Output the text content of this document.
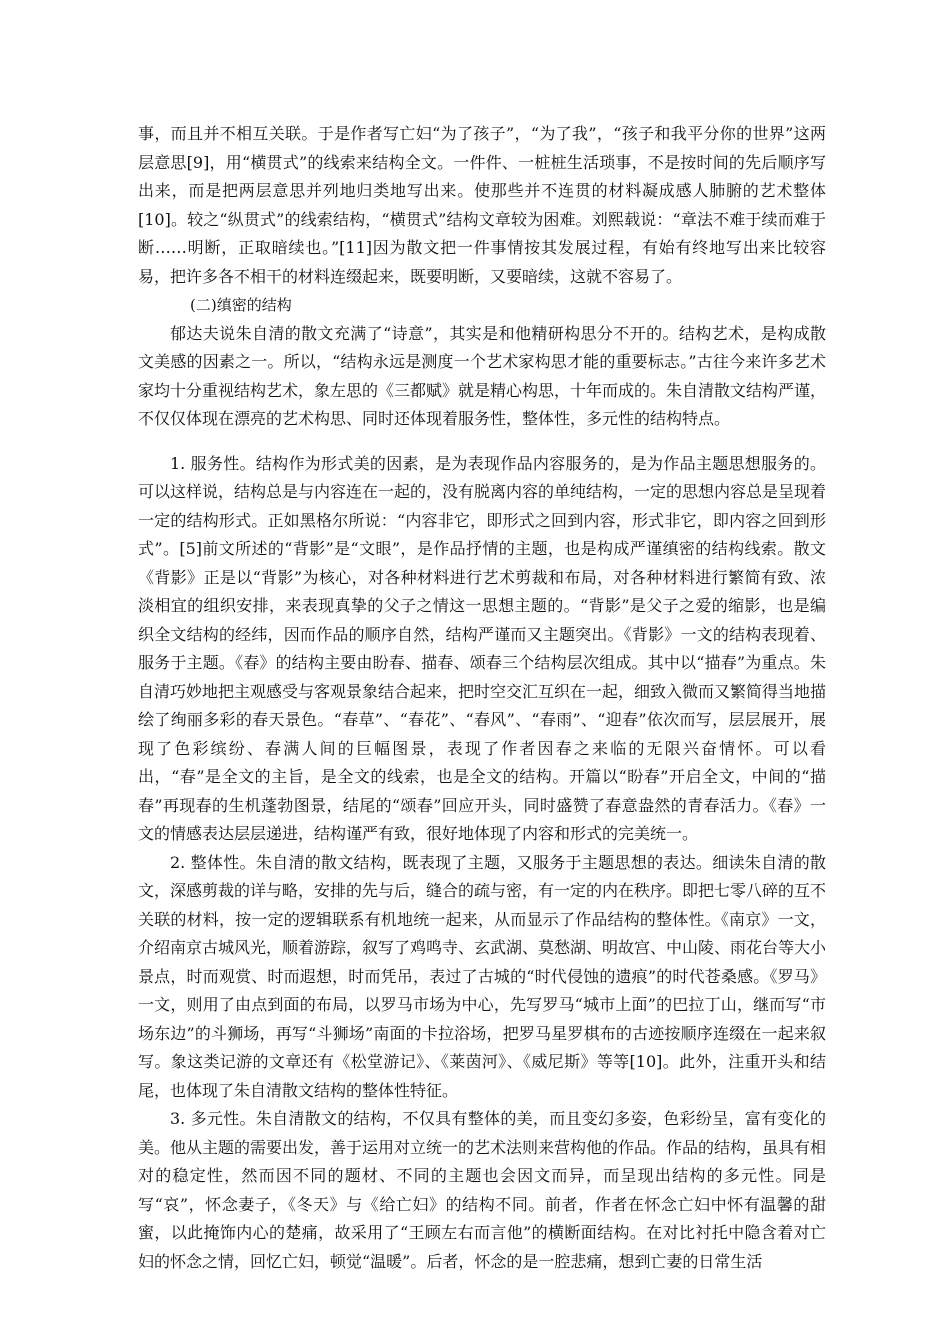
事，而且并不相互关联。于是作者写亡妇“为了孩子”，“为了我”，“孩子和我平分你的世界”这两层意思[9]，用“横贯式”的线索来结构全文。一件件、一桩桩生活琐事，不是按时间的先后顺序写出来，而是把两层意思并列地归类地写出来。使那些并不连贯的材料凝成感人肺腑的艺术整体[10]。较之“纵贯式”的线索结构，“横贯式”结构文章较为困难。刘熙载说：“章法不难于续而难于断……明断，正取暗续也。”[11]因为散文把一件事情按其发展过程，有始有终地写出来比较容易，把许多各不相干的材料连缀起来，既要明断，又要暗续，这就不容易了。

(二)缜密的结构

郁达夫说朱自清的散文充满了“诗意”，其实是和他精研构思分不开的。结构艺术，是构成散文美感的因素之一。所以，“结构永远是测度一个艺术家构思才能的重要标志。”古往今来许多艺术家均十分重视结构艺术，象左思的《三都赋》就是精心构思，十年而成的。朱自清散文结构严谨，不仅仅体现在漂亮的艺术构思、同时还体现着服务性，整体性，多元性的结构特点。

1. 服务性。结构作为形式美的因素，是为表现作品内容服务的，是为作品主题思想服务的。可以这样说，结构总是与内容连在一起的，没有脱离内容的单纯结构，一定的思想内容总是呈现着一定的结构形式。正如黑格尔所说：“内容非它，即形式之回到内容，形式非它，即内容之回到形式”。[5]前文所述的“背影”是“文眼”，是作品抒情的主题，也是构成严谨缜密的结构线索。散文《背影》正是以“背影”为核心，对各种材料进行艺术剪裁和布局，对各种材料进行繁简有致、浓淡相宜的组织安排，来表现真挚的父子之情这一思想主题的。“背影”是父子之爱的缩影，也是编织全文结构的经纬，因而作品的顺序自然，结构严谨而又主题突出。《背影》一文的结构表现着、服务于主题。《春》的结构主要由盼春、描春、颂春三个结构层次组成。其中以“描春”为重点。朱自清巧妙地把主观感受与客观景象结合起来，把时空交汇互织在一起，细致入微而又繁简得当地描绘了绚丽多彩的春天景色。“春草”、“春花”、“春风”、“春雨”、“迎春”依次而写，层层展开，展现了色彩缤纷、春满人间的巨幅图景，表现了作者因春之来临的无限兴奋情怀。可以看出，“春”是全文的主旨，是全文的线索，也是全文的结构。开篇以“盼春”开启全文，中间的“描春”再现春的生机蓬勃图景，结尾的“颂春”回应开头，同时盛赞了春意盎然的青春活力。《春》一文的情感表达层层递进，结构谨严有致，很好地体现了内容和形式的完美统一。

2. 整体性。朱自清的散文结构，既表现了主题，又服务于主题思想的表达。细读朱自清的散文，深感剪裁的详与略，安排的先与后，缝合的疏与密，有一定的内在秩序。即把七零八碎的互不关联的材料，按一定的逻辑联系有机地统一起来，从而显示了作品结构的整体性。《南京》一文，介绍南京古城风光，顺着游踪，叙写了鸡鸣寺、玄武湖、莫愁湖、明故宫、中山陵、雨花台等大小景点，时而观赏、时而遐想，时而凭吊，表过了古城的“时代侵蚀的遗痕”的时代苍桑感。《罗马》一文，则用了由点到面的布局，以罗马市场为中心，先写罗马“城市上面”的巴拉丁山，继而写“市场东边”的斗狮场，再写“斗狮场”南面的卡拉浴场，把罗马星罗棋布的古迹按顺序连缀在一起来叙写。象这类记游的文章还有《松堂游记》、《莱茵河》、《威尼斯》等等[10]。此外，注重开头和结尾，也体现了朱自清散文结构的整体性特征。

3. 多元性。朱自清散文的结构，不仅具有整体的美，而且变幻多姿，色彩纷呈，富有变化的美。他从主题的需要出发，善于运用对立统一的艺术法则来营构他的作品。作品的结构，虽具有相对的稳定性，然而因不同的题材、不同的主题也会因文而异，而呈现出结构的多元性。同是写“哀”，怀念妻子，《冬天》与《给亡妇》的结构不同。前者，作者在怀念亡妇中怀有温馨的甜蜜，以此掩饰内心的楚痛，故采用了“王顾左右而言他”的横断面结构。在对比衬托中隐含着对亡妇的怀念之情，回忆亡妇，顿觉“温暖”。后者，怀念的是一腔悲痛，想到亡妻的日常生活
